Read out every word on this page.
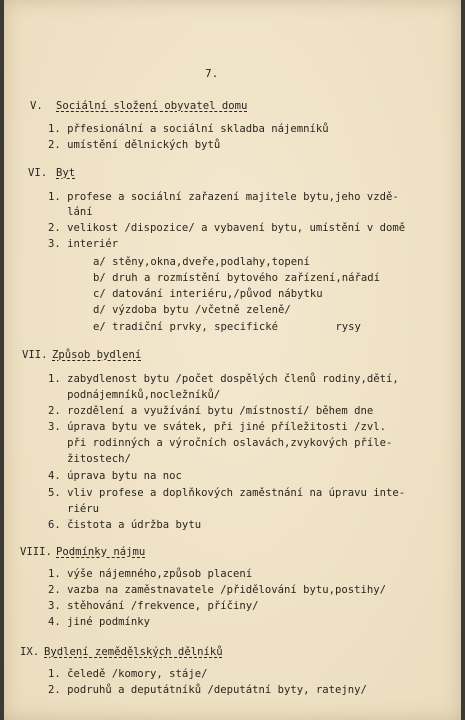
7.
V. Sociální složení obyvatel domu
1. přfesionální a sociální skladba nájemníků
2. umístění dělnických bytů
VI. Byt
1. profese a sociální zařazení majitele bytu,jeho vzdě-
lání
2. velikost /dispozice/ a vybavení bytu, umístění v domě
3. interiér
a/ stěny,okna,dveře,podlahy,topení
b/ druh a rozmístění bytového zařízení,nářadí
c/ datování interiéru,/původ nábytku
d/ výzdoba bytu /včetně zeleně/
e/ tradiční prvky, specifické         rysy
VII. Způsob bydlení
1. zabydlenost bytu /počet dospělých členů rodiny,dětí,
podnájemníků,nocležníků/
2. rozdělení a využívání bytu /místností/ během dne
3. úprava bytu ve svátek, při jiné příležitosti /zvl.
při rodinných a výročních oslavách,zvykových příle-
žitostech/
4. úprava bytu na noc
5. vliv profese a doplňkových zaměstnání na úpravu inte-
riéru
6. čistota a údržba bytu
VIII. Podmínky nájmu
1. výše nájemného,způsob placení
2. vazba na zaměstnavatele /přidělování bytu,postihy/
3. stěhování /frekvence, příčiny/
4. jiné podmínky
IX. Bydlení zemědělských dělníků
1. čeledě /komory, stáje/
2. podruhů a deputátníků /deputátní byty, ratejny/
